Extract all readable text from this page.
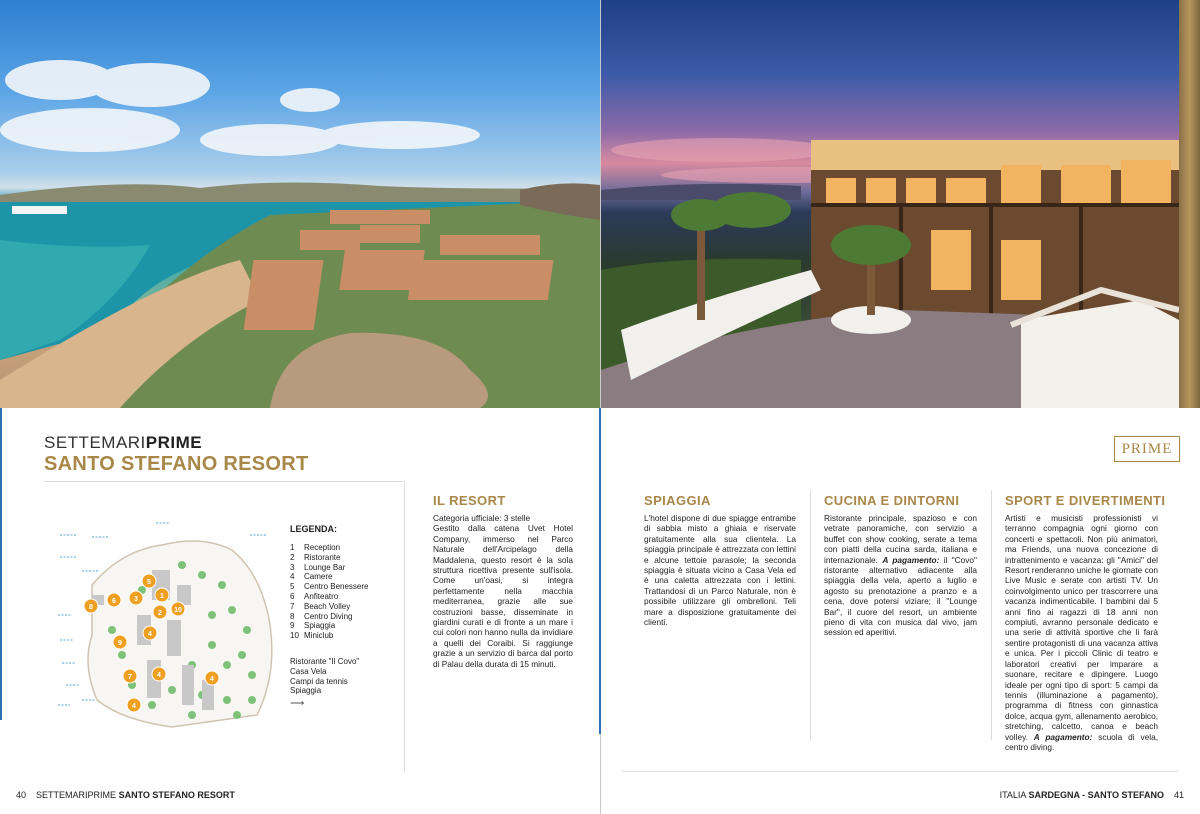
SETTEMARIPRIME
SANTO STEFANO RESORT
PRIME
1
2
3
4
5
6
7
8
9
10
4
4
4
LEGENDA:
1 Reception
2 Ristorante
3 Lounge Bar
4 Camere
5 Centro Benessere
6 Anfiteatro
7 Beach Volley
8 Centro Diving
9 Spiaggia
10 Miniclub
Ristorante "Il Covo"
Casa Vela
Campi da tennis
Spiaggia
⟶
IL RESORT

Categoria ufficiale: 3 stelle

Gestito dalla catena Uvet Hotel Company, immerso nel Parco Naturale dell'Arcipelago della Maddalena, questo resort è la sola struttura ricettiva presente sull'isola. Come un'oasi, si integra perfettamente nella macchia mediterranea, grazie alle sue costruzioni basse, disseminate in giardini curati e di fronte a un mare i cui colori non hanno nulla da invidiare a quelli dei Coraibi. Si raggiunge grazie a un servizio di barca dal porto di Palau della durata di 15 minuti.

SPIAGGIA
L'hotel dispone di due spiagge entrambe di sabbia misto a ghiaia e riservate gratuitamente alla sua clientela. La spiaggia principale è attrezzata con lettini e alcune tettoie parasole; la seconda spiaggia è situata vicino a Casa Vela ed è una caletta attrezzata con i lettini. Trattandosi di un Parco Naturale, non è possibile utilizzare gli ombrelloni. Teli mare a disposizione gratuitamente dei clienti.
CUCINA E DINTORNI
Ristorante principale, spazioso e con vetrate panoramiche, con servizio a buffet con show cooking, serate a tema con piatti della cucina sarda, italiana e internazionale. A pagamento: il "Covo" ristorante alternativo adiacente alla spiaggia della vela, aperto a luglio e agosto su prenotazione a pranzo e a cena, dove potersi viziare; il "Lounge Bar", il cuore del resort, un ambiente pieno di vita con musica dal vivo, jam session ed aperitivi.
SPORT E DIVERTIMENTI
Artisti e musicisti professionisti vi terranno compagnia ogni giorno con concerti e spettacoli. Non più animatori, ma Friends, una nuova concezione di intrattenimento e vacanza: gli "Amici" del Resort renderanno uniche le giornate con Live Music e serate con artisti TV. Un coinvolgimento unico per trascorrere una vacanza indimenticabile. I bambini dai 5 anni fino ai ragazzi di 18 anni non compiuti, avranno personale dedicato e una serie di attività sportive che li farà sentire protagonisti di una vacanza attiva e unica. Per i piccoli Clinic di teatro e laboratori creativi per imparare a suonare, recitare e dipingere. Luogo ideale per ogni tipo di sport: 5 campi da tennis (illuminazione a pagamento), programma di fitness con ginnastica dolce, acqua gym, allenamento aerobico, stretching, calcetto, canoa e beach volley. A pagamento: scuola di vela, centro diving.
40 SETTEMARIPRIME SANTO STEFANO RESORT	ITALIA SARDEGNA - SANTO STEFANO 41
